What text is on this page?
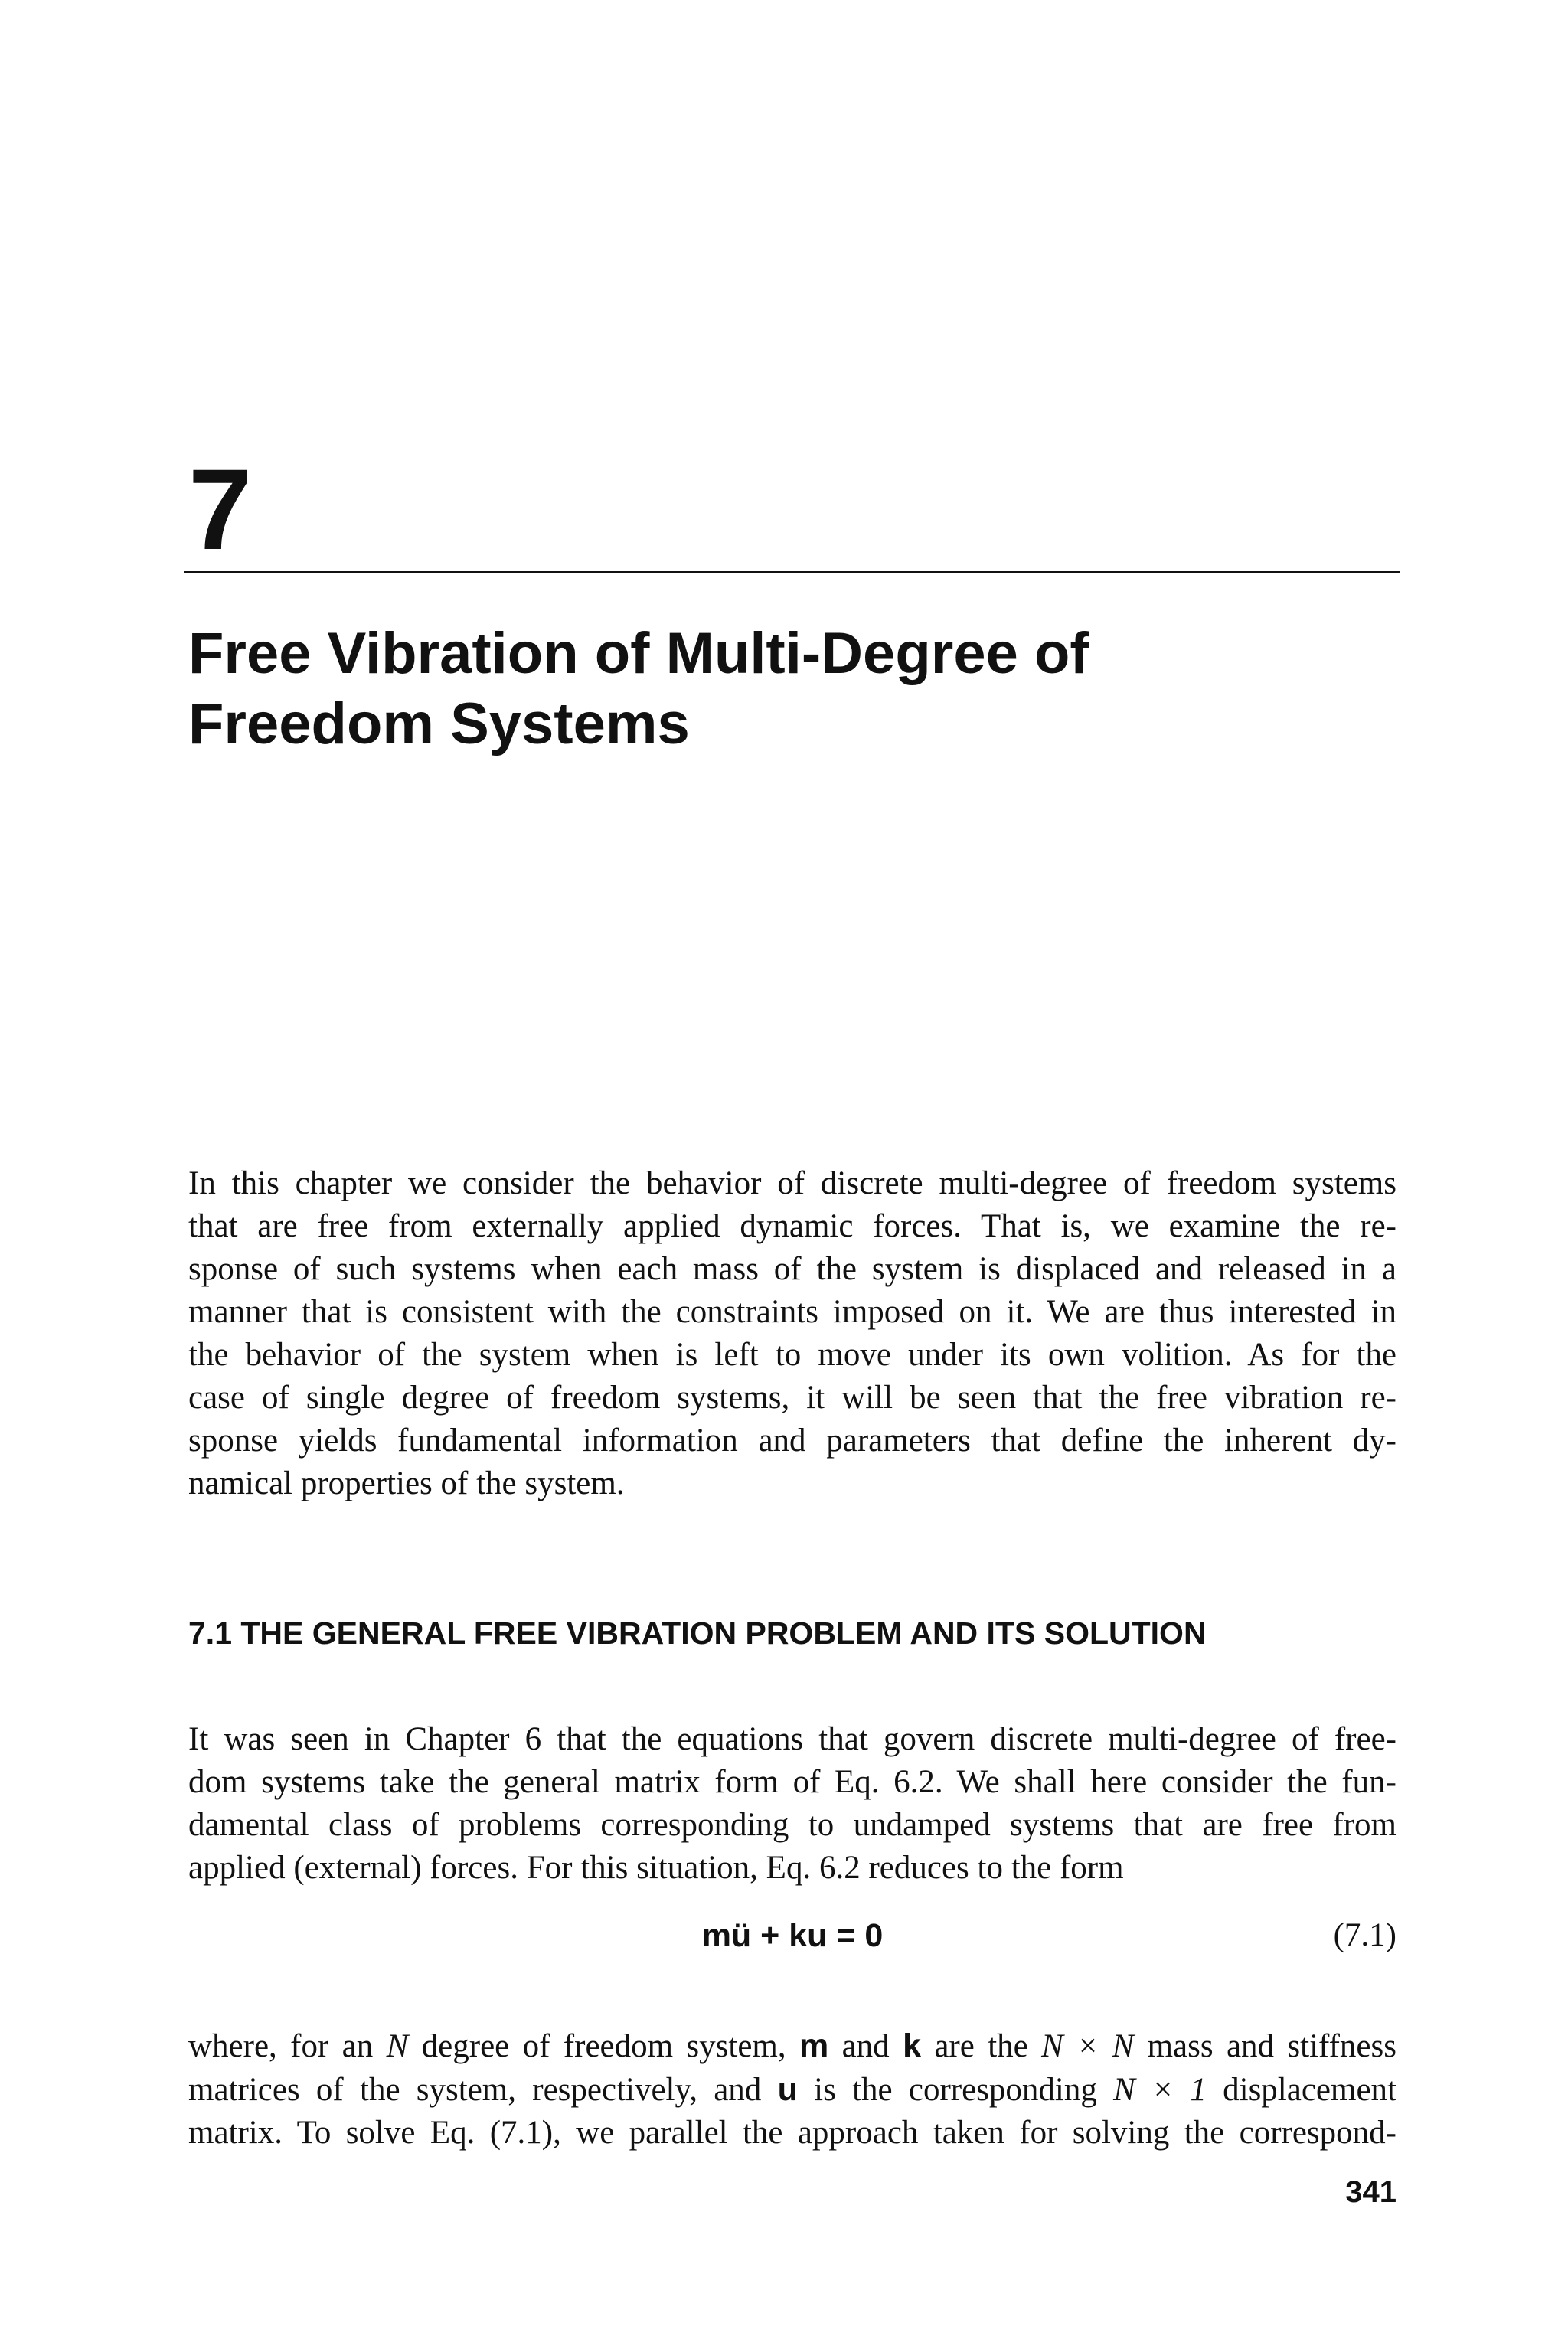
7
Free Vibration of Multi-Degree of
Freedom Systems
In this chapter we consider the behavior of discrete multi-degree of freedom systems
that are free from externally applied dynamic forces. That is, we examine the re-
sponse of such systems when each mass of the system is displaced and released in a
manner that is consistent with the constraints imposed on it. We are thus interested in
the behavior of the system when is left to move under its own volition. As for the
case of single degree of freedom systems, it will be seen that the free vibration re-
sponse yields fundamental information and parameters that define the inherent dy-
namical properties of the system.
7.1 THE GENERAL FREE VIBRATION PROBLEM AND ITS SOLUTION
It was seen in Chapter 6 that the equations that govern discrete multi-degree of free-
dom systems take the general matrix form of Eq. 6.2. We shall here consider the fun-
damental class of problems corresponding to undamped systems that are free from
applied (external) forces. For this situation, Eq. 6.2 reduces to the form
mü + ku = 0	(7.1)
where, for an N degree of freedom system, m and k are the N × N mass and stiffness
matrices of the system, respectively, and u is the corresponding N × 1 displacement
matrix. To solve Eq. (7.1), we parallel the approach taken for solving the correspond-
341
